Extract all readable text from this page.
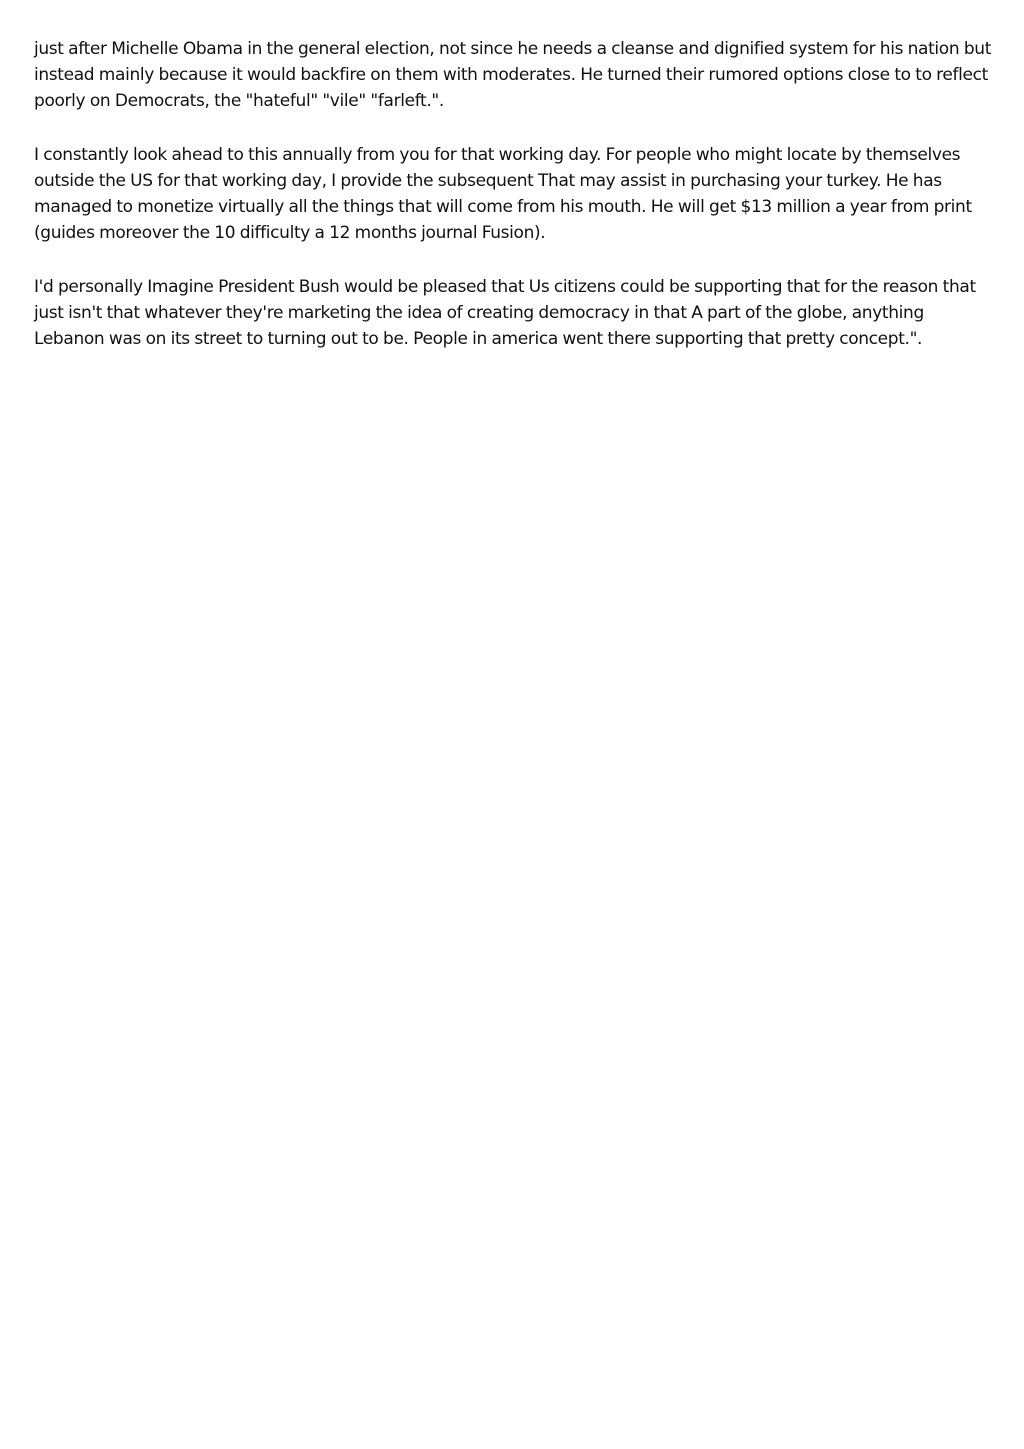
just after Michelle Obama in the general election, not since he needs a cleanse and dignified system for his nation but instead mainly because it would backfire on them with moderates. He turned their rumored options close to to reflect poorly on Democrats, the "hateful" "vile" "farleft.".

I constantly look ahead to this annually from you for that working day. For people who might locate by themselves outside the US for that working day, I provide the subsequent That may assist in purchasing your turkey. He has managed to monetize virtually all the things that will come from his mouth. He will get $13 million a year from print (guides moreover the 10 difficulty a 12 months journal Fusion).

I'd personally Imagine President Bush would be pleased that Us citizens could be supporting that for the reason that just isn't that whatever they're marketing the idea of creating democracy in that A part of the globe, anything Lebanon was on its street to turning out to be. People in america went there supporting that pretty concept.".
